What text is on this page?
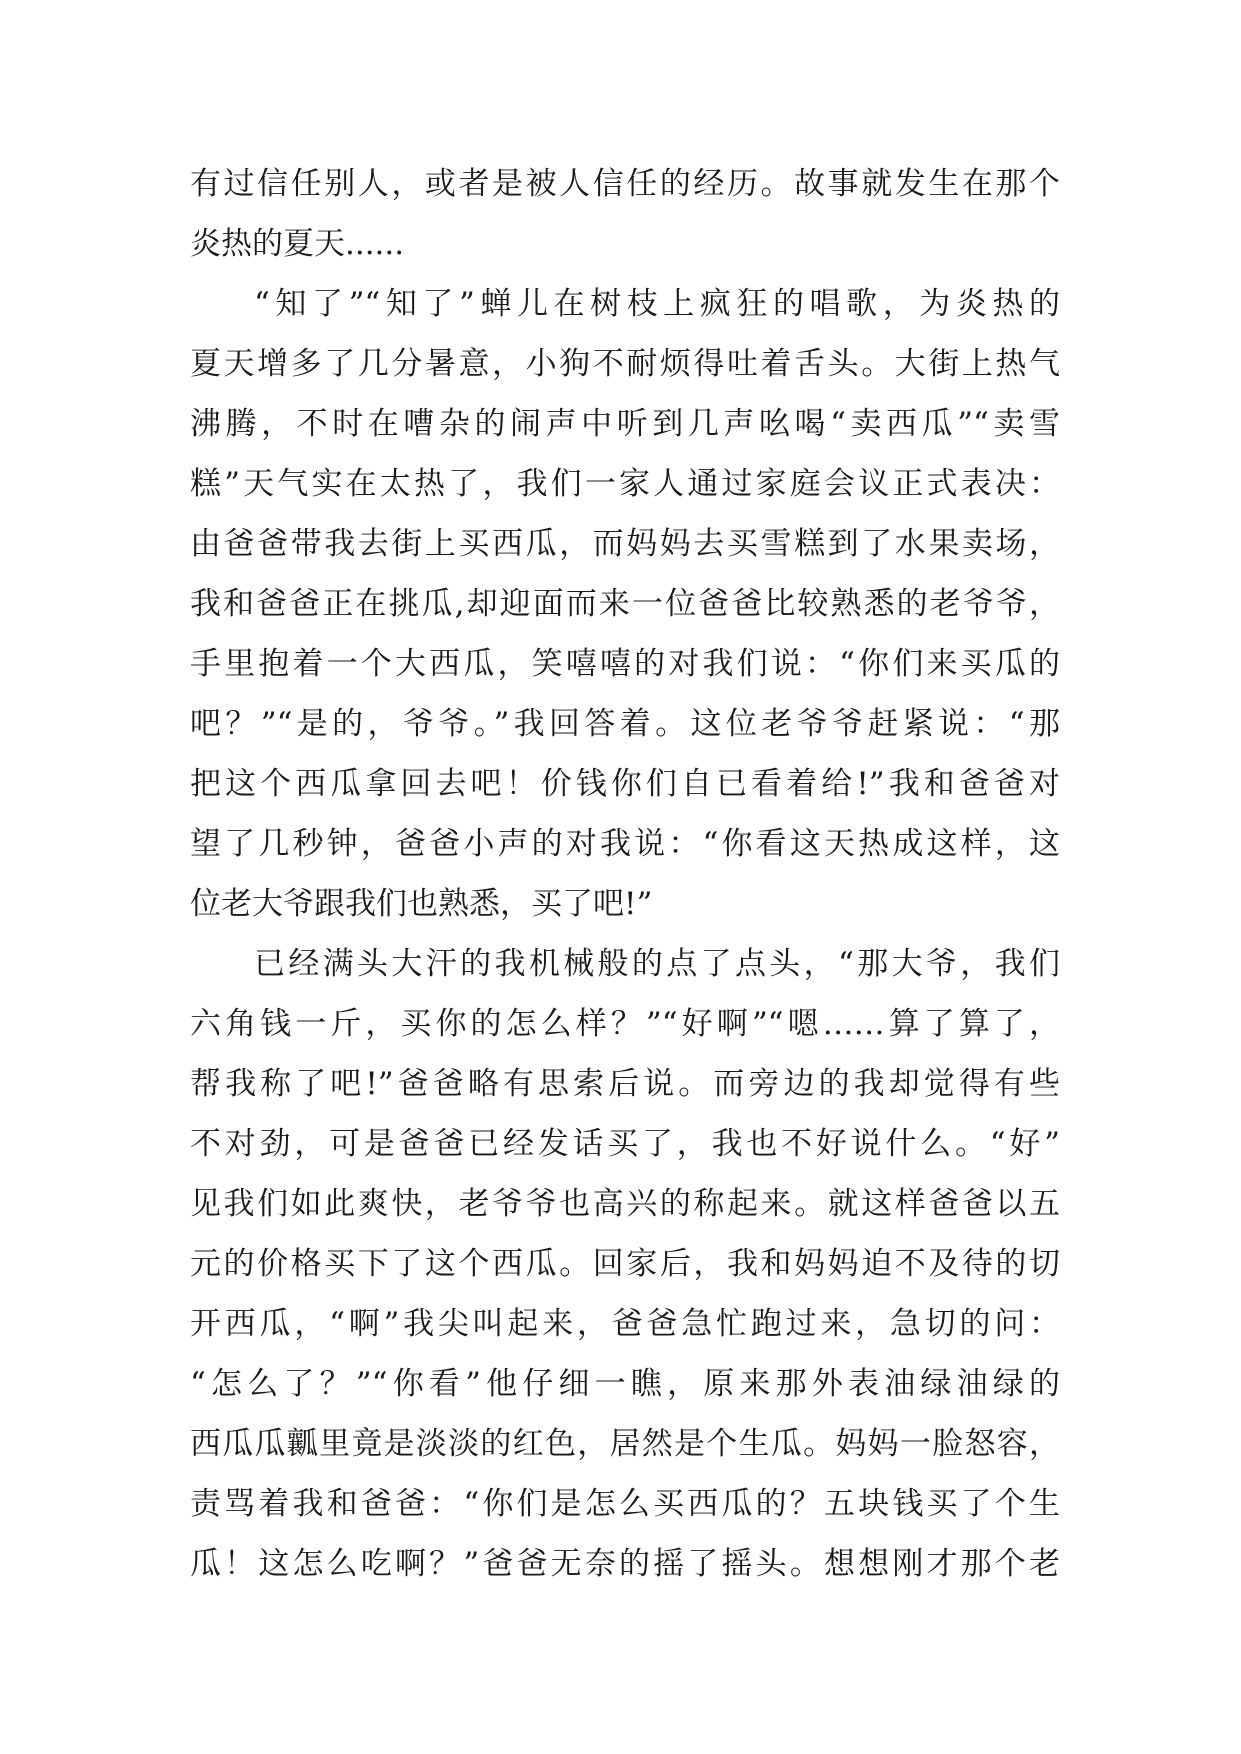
有过信任别人，或者是被人信任的经历。故事就发生在那个
炎热的夏天......
“知了”“知了”蝉儿在树枝上疯狂的唱歌，为炎热的
夏天增多了几分暑意，小狗不耐烦得吐着舌头。大街上热气
沸腾，不时在嘈杂的闹声中听到几声吆喝“卖西瓜”“卖雪
糕”天气实在太热了，我们一家人通过家庭会议正式表决：
由爸爸带我去街上买西瓜，而妈妈去买雪糕到了水果卖场，
我和爸爸正在挑瓜,却迎面而来一位爸爸比较熟悉的老爷爷，
手里抱着一个大西瓜，笑嘻嘻的对我们说：“你们来买瓜的
吧？”“是的，爷爷。”我回答着。这位老爷爷赶紧说：“那
把这个西瓜拿回去吧！价钱你们自已看着给!”我和爸爸对
望了几秒钟，爸爸小声的对我说：“你看这天热成这样，这
位老大爷跟我们也熟悉，买了吧!”
已经满头大汗的我机械般的点了点头，“那大爷，我们
六角钱一斤，买你的怎么样？”“好啊”“嗯……算了算了，
帮我称了吧!”爸爸略有思索后说。而旁边的我却觉得有些
不对劲，可是爸爸已经发话买了，我也不好说什么。“好”
见我们如此爽快，老爷爷也高兴的称起来。就这样爸爸以五
元的价格买下了这个西瓜。回家后，我和妈妈迫不及待的切
开西瓜，“啊”我尖叫起来，爸爸急忙跑过来，急切的问：
“怎么了？”“你看”他仔细一瞧，原来那外表油绿油绿的
西瓜瓜瓤里竟是淡淡的红色，居然是个生瓜。妈妈一脸怒容，
责骂着我和爸爸：“你们是怎么买西瓜的？五块钱买了个生
瓜！这怎么吃啊？”爸爸无奈的摇了摇头。想想刚才那个老
